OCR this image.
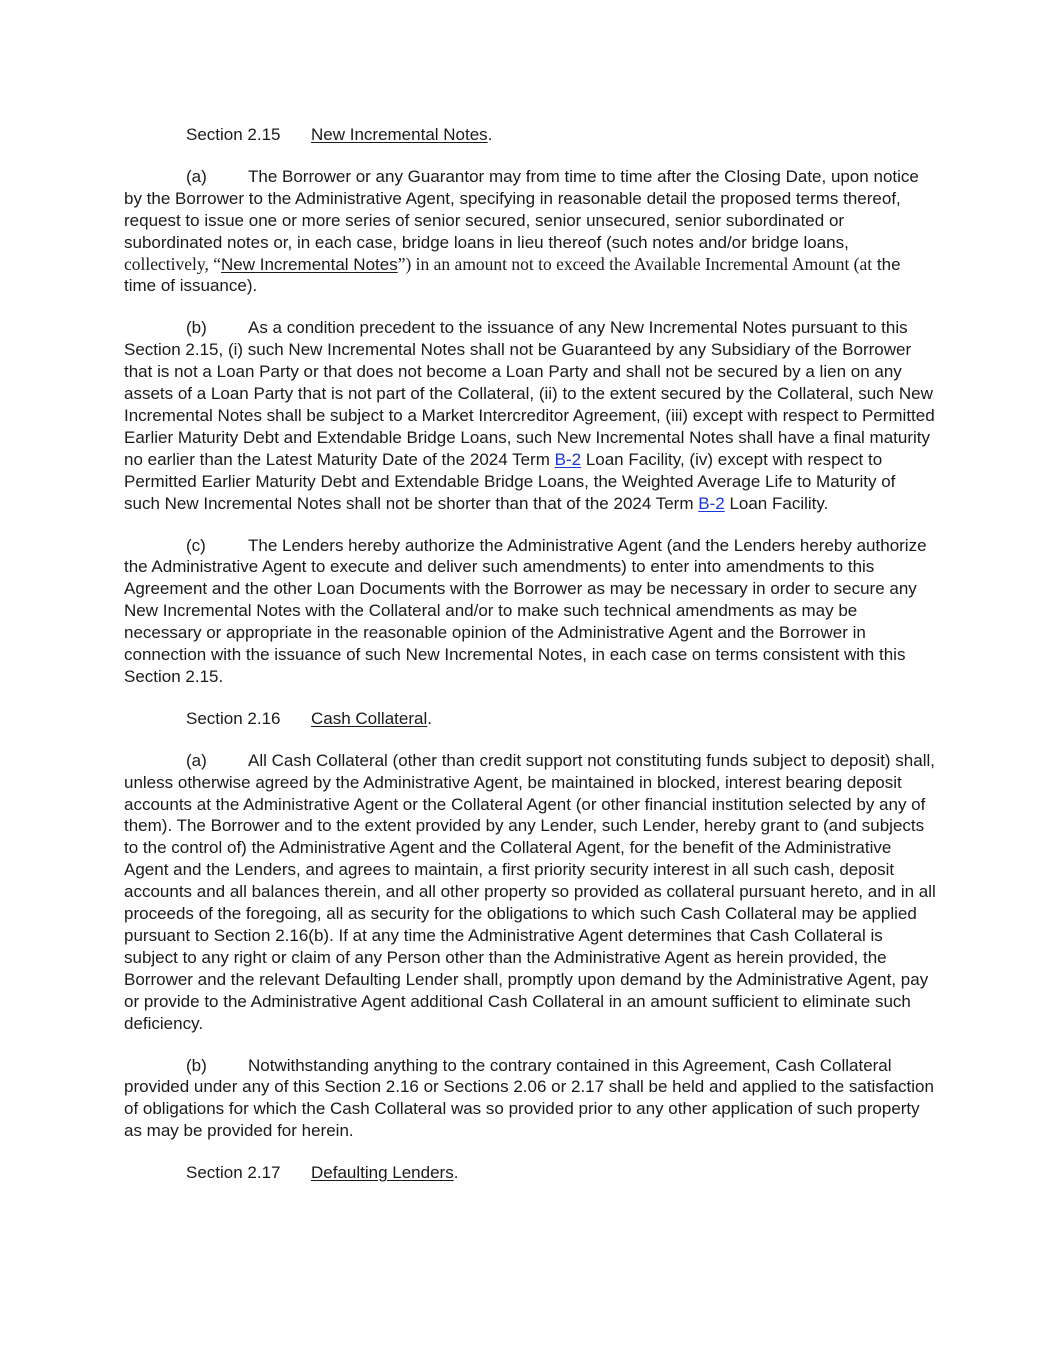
Section 2.15 New Incremental Notes.

(a) The Borrower or any Guarantor may from time to time after the Closing Date, upon notice by the Borrower to the Administrative Agent, specifying in reasonable detail the proposed terms thereof, request to issue one or more series of senior secured, senior unsecured, senior subordinated or subordinated notes or, in each case, bridge loans in lieu thereof (such notes and/or bridge loans, collectively, “New Incremental Notes”) in an amount not to exceed the Available Incremental Amount (at the time of issuance).

(b) As a condition precedent to the issuance of any New Incremental Notes pursuant to this Section 2.15, (i) such New Incremental Notes shall not be Guaranteed by any Subsidiary of the Borrower that is not a Loan Party or that does not become a Loan Party and shall not be secured by a lien on any assets of a Loan Party that is not part of the Collateral, (ii) to the extent secured by the Collateral, such New Incremental Notes shall be subject to a Market Intercreditor Agreement, (iii) except with respect to Permitted Earlier Maturity Debt and Extendable Bridge Loans, such New Incremental Notes shall have a final maturity no earlier than the Latest Maturity Date of the 2024 Term B-2 Loan Facility, (iv) except with respect to Permitted Earlier Maturity Debt and Extendable Bridge Loans, the Weighted Average Life to Maturity of such New Incremental Notes shall not be shorter than that of the 2024 Term B-2 Loan Facility.

(c) The Lenders hereby authorize the Administrative Agent (and the Lenders hereby authorize the Administrative Agent to execute and deliver such amendments) to enter into amendments to this Agreement and the other Loan Documents with the Borrower as may be necessary in order to secure any New Incremental Notes with the Collateral and/or to make such technical amendments as may be necessary or appropriate in the reasonable opinion of the Administrative Agent and the Borrower in connection with the issuance of such New Incremental Notes, in each case on terms consistent with this Section 2.15.

Section 2.16 Cash Collateral.

(a) All Cash Collateral (other than credit support not constituting funds subject to deposit) shall, unless otherwise agreed by the Administrative Agent, be maintained in blocked, interest bearing deposit accounts at the Administrative Agent or the Collateral Agent (or other financial institution selected by any of them). The Borrower and to the extent provided by any Lender, such Lender, hereby grant to (and subjects to the control of) the Administrative Agent and the Collateral Agent, for the benefit of the Administrative Agent and the Lenders, and agrees to maintain, a first priority security interest in all such cash, deposit accounts and all balances therein, and all other property so provided as collateral pursuant hereto, and in all proceeds of the foregoing, all as security for the obligations to which such Cash Collateral may be applied pursuant to Section 2.16(b). If at any time the Administrative Agent determines that Cash Collateral is subject to any right or claim of any Person other than the Administrative Agent as herein provided, the Borrower and the relevant Defaulting Lender shall, promptly upon demand by the Administrative Agent, pay or provide to the Administrative Agent additional Cash Collateral in an amount sufficient to eliminate such deficiency.

(b) Notwithstanding anything to the contrary contained in this Agreement, Cash Collateral provided under any of this Section 2.16 or Sections 2.06 or 2.17 shall be held and applied to the satisfaction of obligations for which the Cash Collateral was so provided prior to any other application of such property as may be provided for herein.

Section 2.17 Defaulting Lenders.
